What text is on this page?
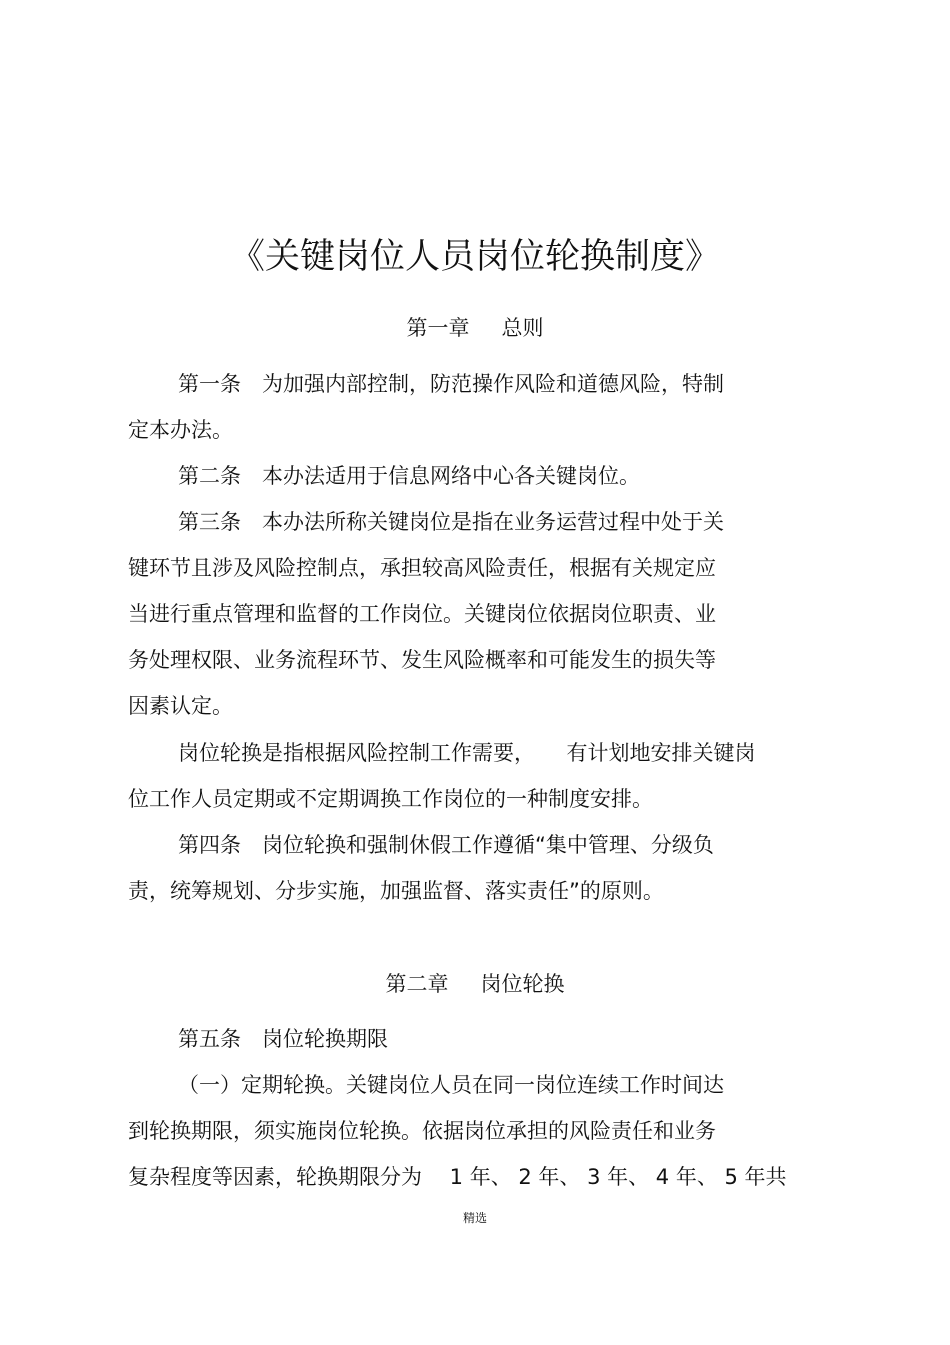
《关键岗位人员岗位轮换制度》
第一章 总则
第一条　为加强内部控制，防范操作风险和道德风险，特制
定本办法。
第二条　本办法适用于信息网络中心各关键岗位。
第三条　本办法所称关键岗位是指在业务运营过程中处于关
键环节且涉及风险控制点，承担较高风险责任，根据有关规定应
当进行重点管理和监督的工作岗位。关键岗位依据岗位职责、业
务处理权限、业务流程环节、发生风险概率和可能发生的损失等
因素认定。
岗位轮换是指根据风险控制工作需要，　　有计划地安排关键岗
位工作人员定期或不定期调换工作岗位的一种制度安排。
第四条　岗位轮换和强制休假工作遵循“集中管理、分级负
责，统筹规划、分步实施，加强监督、落实责任”的原则。
第二章 岗位轮换
第五条　岗位轮换期限
（一）定期轮换。关键岗位人员在同一岗位连续工作时间达
到轮换期限，须实施岗位轮换。依据岗位承担的风险责任和业务
复杂程度等因素，轮换期限分为　 1 年、 2 年、 3 年、 4 年、 5 年共
精选
